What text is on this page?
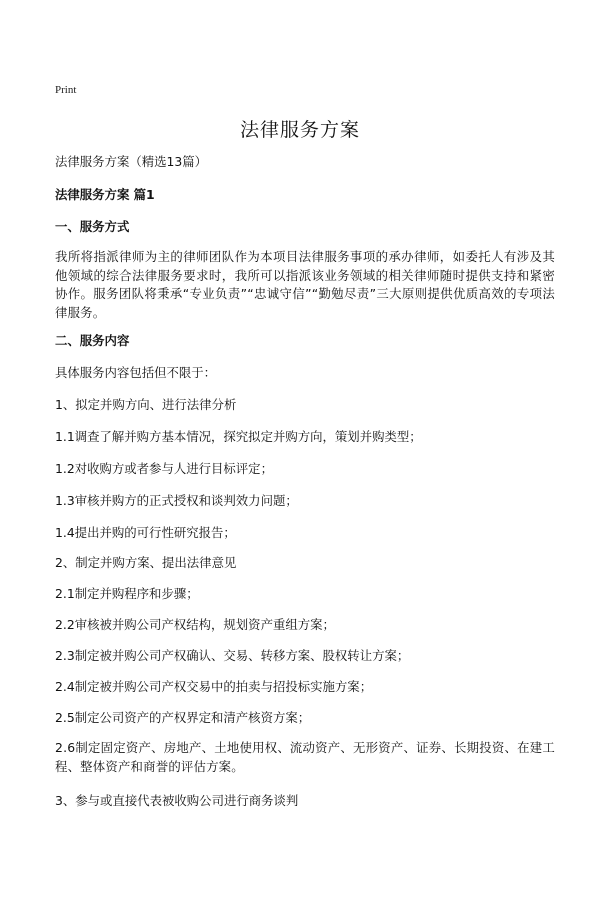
Print
法律服务方案

法律服务方案（精选13篇）

法律服务方案 篇1

一、服务方式

我所将指派律师为主的律师团队作为本项目法律服务事项的承办律师，如委托人有涉及其他领域的综合法律服务要求时，我所可以指派该业务领域的相关律师随时提供支持和紧密协作。服务团队将秉承“专业负责”“忠诚守信”“勤勉尽责”三大原则提供优质高效的专项法律服务。

二、服务内容

具体服务内容包括但不限于：

1、拟定并购方向、进行法律分析

1.1调查了解并购方基本情况，探究拟定并购方向，策划并购类型；

1.2对收购方或者参与人进行目标评定；

1.3审核并购方的正式授权和谈判效力问题；

1.4提出并购的可行性研究报告；

2、制定并购方案、提出法律意见

2.1制定并购程序和步骤；

2.2审核被并购公司产权结构，规划资产重组方案；

2.3制定被并购公司产权确认、交易、转移方案、股权转让方案；

2.4制定被并购公司产权交易中的拍卖与招投标实施方案；

2.5制定公司资产的产权界定和清产核资方案；

2.6制定固定资产、房地产、土地使用权、流动资产、无形资产、证券、长期投资、在建工程、整体资产和商誉的评估方案。

3、参与或直接代表被收购公司进行商务谈判
